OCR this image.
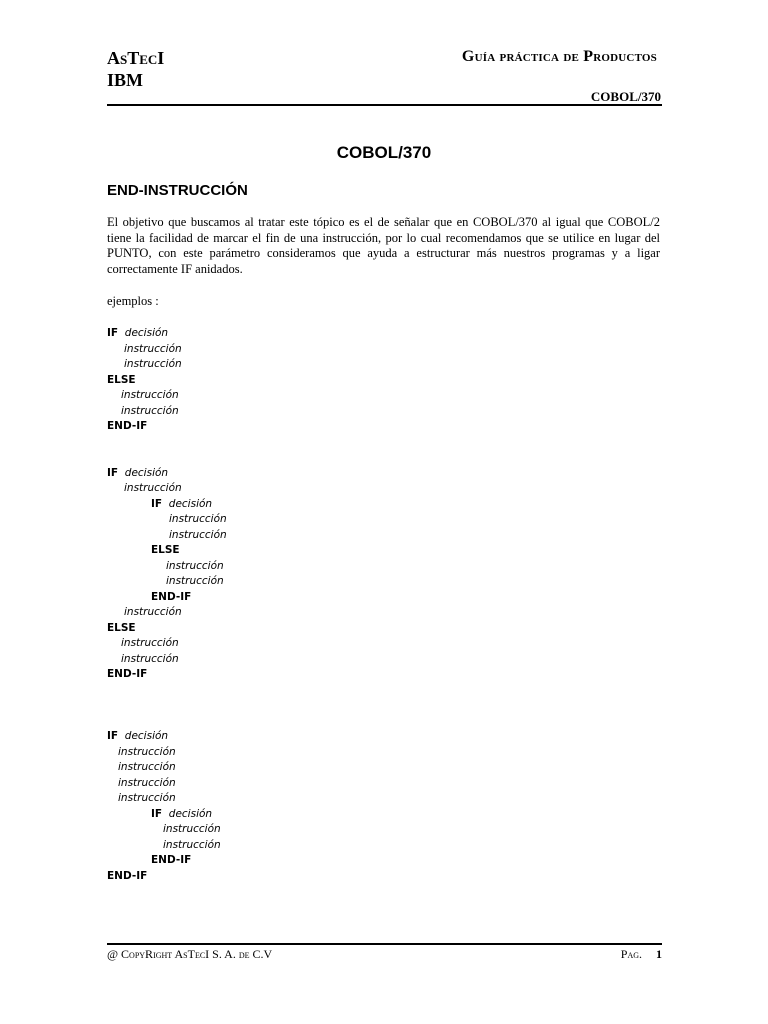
AsTecI
IBM
Guía práctica de Productos
COBOL/370
COBOL/370
END-INSTRUCCIÓN
El objetivo que buscamos al tratar este tópico es el de señalar que en COBOL/370 al igual que COBOL/2 tiene la facilidad de marcar el fin de una instrucción, por lo cual recomendamos que se utilice en lugar del PUNTO, con este parámetro consideramos que ayuda a estructurar más nuestros programas y a ligar correctamente IF anidados.
ejemplos :
IF decisión
instrucción
instrucción
ELSE
instrucción
instrucción
END-IF
IF decisión
instrucción
IF decisión
instrucción
instrucción
ELSE
instrucción
instrucción
END-IF
instrucción
ELSE
instrucción
instrucción
END-IF
IF decisión
instrucción
instrucción
instrucción
instrucción
IF decisión
instrucción
instrucción
END-IF
END-IF
@ CopyRight AsTecI S. A. de C.V	Pag. 1
